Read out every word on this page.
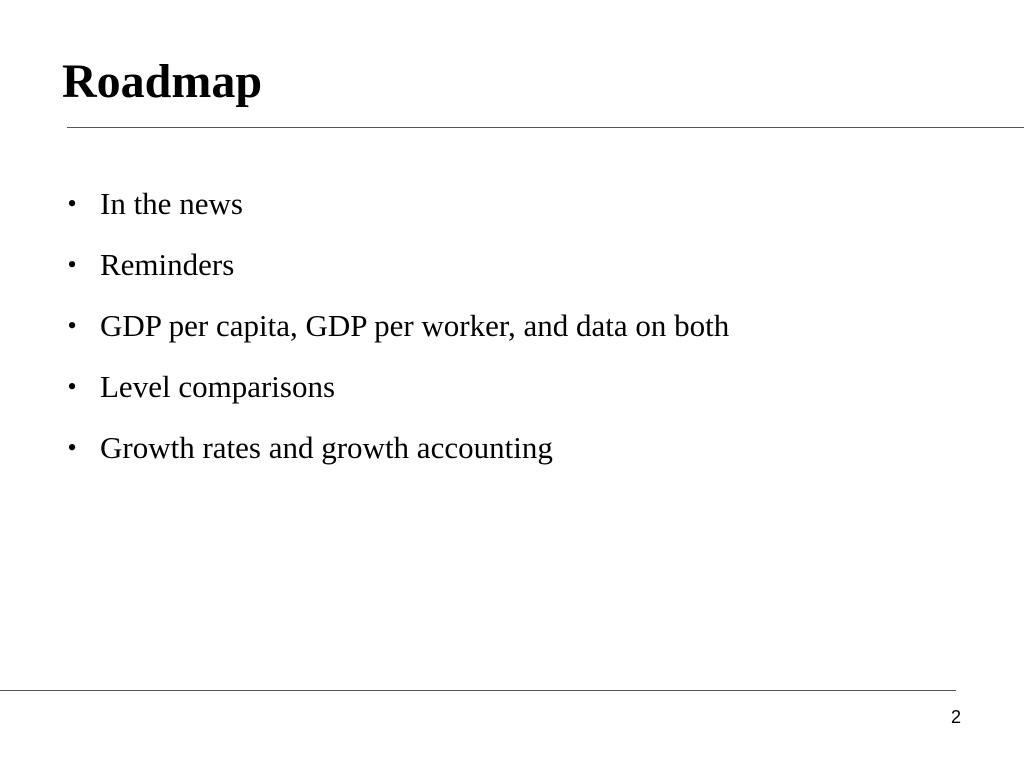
Roadmap
• In the news
• Reminders
• GDP per capita, GDP per worker, and data on both
• Level comparisons
• Growth rates and growth accounting
2
